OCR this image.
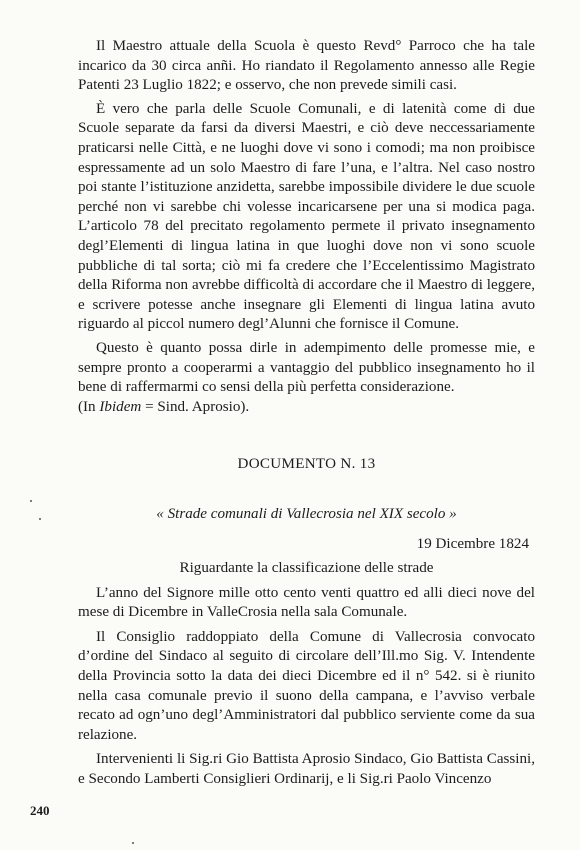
Il Maestro attuale della Scuola è questo Revd° Parroco che ha tale incarico da 30 circa anñi. Ho riandato il Regolamento annesso alle Regie Patenti 23 Luglio 1822; e osservo, che non prevede simili casi.

È vero che parla delle Scuole Comunali, e di latenità come di due Scuole separate da farsi da diversi Maestri, e ciò deve neccessariamente praticarsi nelle Città, e ne luoghi dove vi sono i comodi; ma non proibisce espressamente ad un solo Maestro di fare l’una, e l’altra. Nel caso nostro poi stante l’istituzione anzidetta, sarebbe impossibile dividere le due scuole perché non vi sarebbe chi volesse incaricarsene per una si modica paga. L’articolo 78 del precitato regolamento permete il privato insegnamento degl’Elementi di lingua latina in que luoghi dove non vi sono scuole pubbliche di tal sorta; ciò mi fa credere che l’Eccelentissimo Magistrato della Riforma non avrebbe difficoltà di accordare che il Maestro di leggere, e scrivere potesse anche insegnare gli Elementi di lingua latina avuto riguardo al piccol numero degl’Alunni che fornisce il Comune.

Questo è quanto possa dirle in adempimento delle promesse mie, e sempre pronto a cooperarmi a vantaggio del pubblico insegnamento ho il bene di raffermarmi co sensi della più perfetta considerazione.

(In Ibidem = Sind. Aprosio).

DOCUMENTO N. 13
« Strade comunali di Vallecrosia nel XIX secolo »
19 Dicembre 1824
Riguardante la classificazione delle strade

L’anno del Signore mille otto cento venti quattro ed alli dieci nove del mese di Dicembre in ValleCrosia nella sala Comunale.

Il Consiglio raddoppiato della Comune di Vallecrosia convocato d’ordine del Sindaco al seguito di circolare dell’Ill.mo Sig. V. Intendente della Provincia sotto la data dei dieci Dicembre ed il n° 542. si è riunito nella casa comunale previo il suono della campana, e l’avviso verbale recato ad ogn’uno degl’Amministratori dal pubblico serviente come da sua relazione.

Intervenienti li Sig.ri Gio Battista Aprosio Sindaco, Gio Battista Cassini, e Secondo Lamberti Consiglieri Ordinarij, e li Sig.ri Paolo Vincenzo

240
